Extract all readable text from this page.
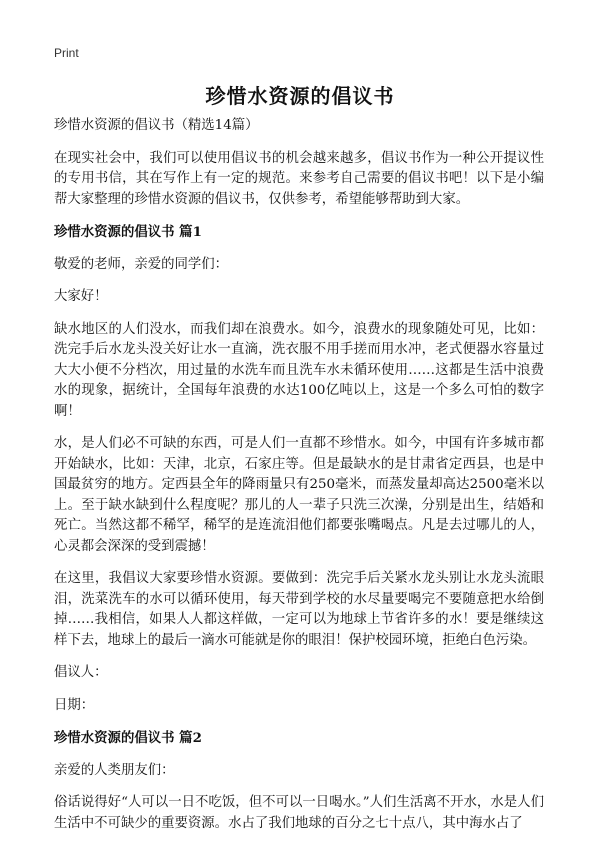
Print
珍惜水资源的倡议书

珍惜水资源的倡议书（精选14篇）

在现实社会中，我们可以使用倡议书的机会越来越多，倡议书作为一种公开提议性的专用书信，其在写作上有一定的规范。来参考自己需要的倡议书吧！以下是小编帮大家整理的珍惜水资源的倡议书，仅供参考，希望能够帮助到大家。

珍惜水资源的倡议书 篇1

敬爱的老师，亲爱的同学们：

大家好！

缺水地区的人们没水，而我们却在浪费水。如今，浪费水的现象随处可见，比如：洗完手后水龙头没关好让水一直滴，洗衣服不用手搓而用水冲，老式便器水容量过大大小便不分档次，用过量的水洗车而且洗车水未循环使用……这都是生活中浪费水的现象，据统计，全国每年浪费的水达100亿吨以上，这是一个多么可怕的数字啊！

水，是人们必不可缺的东西，可是人们一直都不珍惜水。如今，中国有许多城市都开始缺水，比如：天津，北京，石家庄等。但是最缺水的是甘肃省定西县，也是中国最贫穷的地方。定西县全年的降雨量只有250毫米，而蒸发量却高达2500毫米以上。至于缺水缺到什么程度呢？那儿的人一辈子只洗三次澡，分别是出生，结婚和死亡。当然这都不稀罕，稀罕的是连流泪他们都要张嘴喝点。凡是去过哪儿的人，心灵都会深深的受到震撼！

在这里，我倡议大家要珍惜水资源。要做到：洗完手后关紧水龙头别让水龙头流眼泪，洗菜洗车的水可以循环使用，每天带到学校的水尽量要喝完不要随意把水给倒掉……我相信，如果人人都这样做，一定可以为地球上节省许多的水！要是继续这样下去，地球上的最后一滴水可能就是你的眼泪！保护校园环境，拒绝白色污染。

倡议人：

日期：

珍惜水资源的倡议书 篇2

亲爱的人类朋友们：

俗话说得好“人可以一日不吃饭，但不可以一日喝水。”人们生活离不开水，水是人们生活中不可缺少的重要资源。水占了我们地球的百分之七十点八，其中海水占了
